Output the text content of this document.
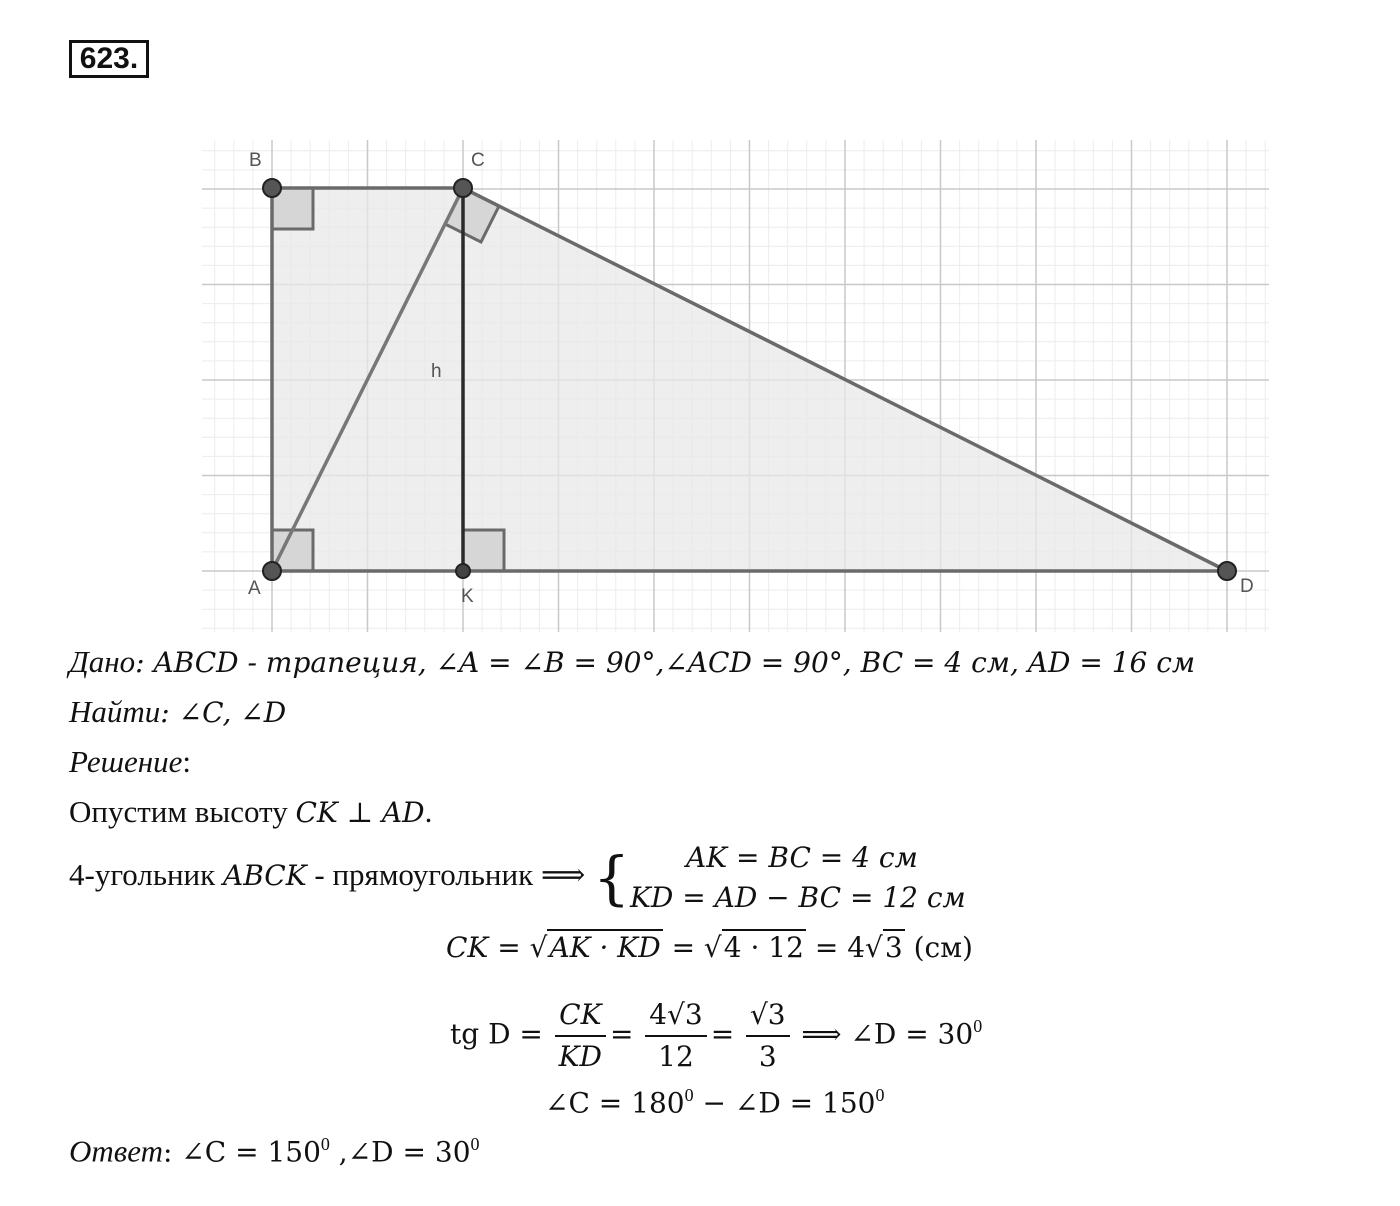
623.
B	C
A	K	D
h
Дано: ABCD - трапеция, ∠A = ∠B = 90°,∠ACD = 90°, BC = 4 см, AD = 16 см
Найти: ∠C, ∠D
Решение:
Опустим высоту CK ⊥ AD.
4-угольник ABCK - прямоугольник ⟹ {	AK = BC = 4 см
KD = AD − BC = 12 см
CK = √AK · KD = √4 · 12 = 4√3 (см)
tg $D = \frac{CK}{KD} = \frac{4√3}{12} = \frac{√3}{3}$ ⟹ ∠D = $30^0$
∠C = $180^0$ − ∠D = $150^0$
Ответ: ∠C = $150^0$ ,∠D = $30^0$
